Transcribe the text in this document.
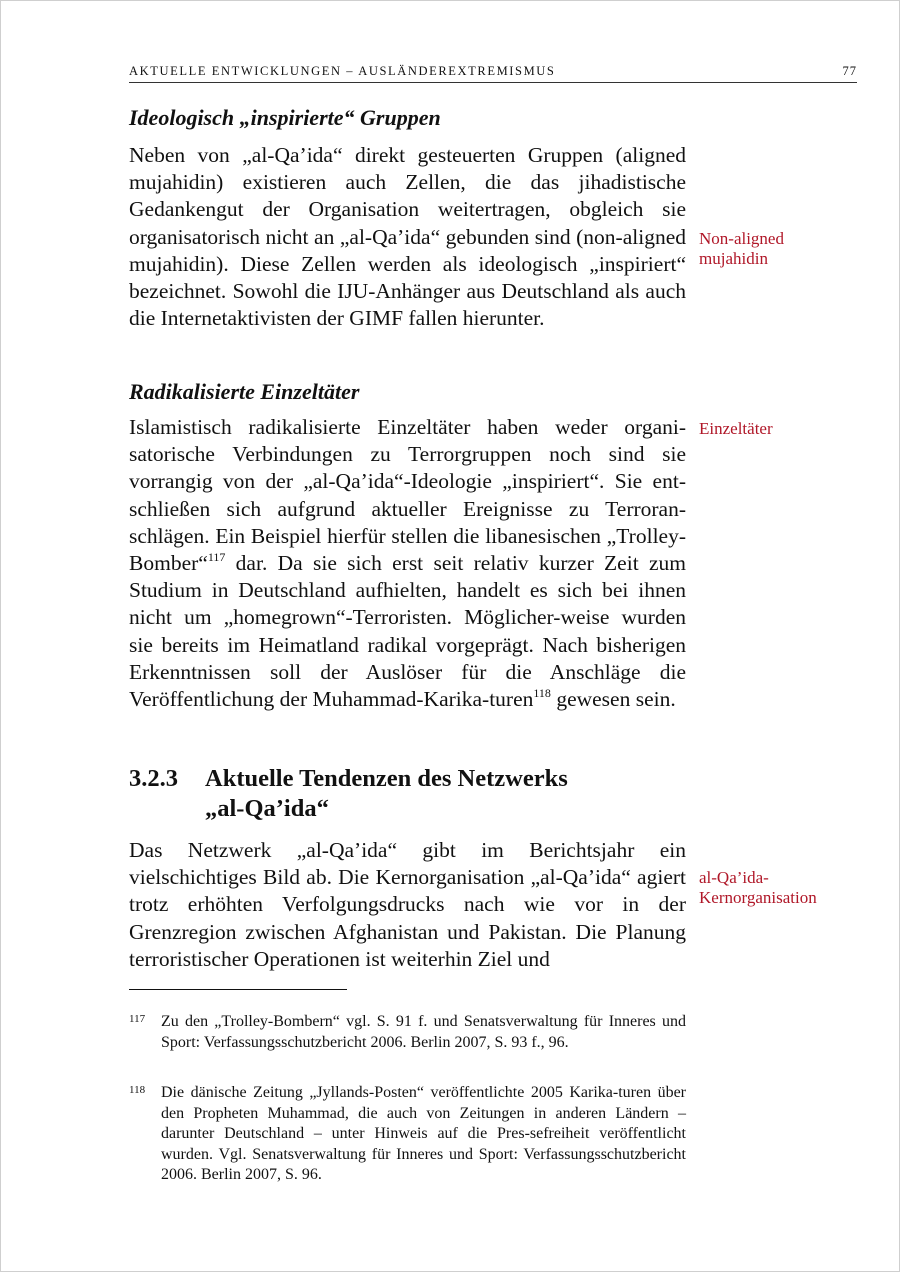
AKTUELLE ENTWICKLUNGEN – AUSLÄNDEREXTREMISMUS	77
Ideologisch „inspirierte“ Gruppen
Neben von „al-Qa’ida“ direkt gesteuerten Gruppen (aligned mujahidin) existieren auch Zellen, die das jihadistische Gedankengut der Organisation weitertragen, obgleich sie organisatorisch nicht an „al-Qa’ida“ gebunden sind (non-aligned mujahidin). Diese Zellen werden als ideologisch „inspiriert“ bezeichnet. Sowohl die IJU-Anhänger aus Deutschland als auch die Internetaktivisten der GIMF fallen hierunter.
Non-aligned mujahidin
Radikalisierte Einzeltäter
Islamistisch radikalisierte Einzeltäter haben weder organi-satorische Verbindungen zu Terrorgruppen noch sind sie vorrangig von der „al-Qa’ida“-Ideologie „inspiriert“. Sie ent-schließen sich aufgrund aktueller Ereignisse zu Terroran-schlägen. Ein Beispiel hierfür stellen die libanesischen „Trolley-Bomber“$^{117}$ dar. Da sie sich erst seit relativ kurzer Zeit zum Studium in Deutschland aufhielten, handelt es sich bei ihnen nicht um „homegrown“-Terroristen. Möglicher-weise wurden sie bereits im Heimatland radikal vorgeprägt. Nach bisherigen Erkenntnissen soll der Auslöser für die Anschläge die Veröffentlichung der Muhammad-Karika-turen$^{118}$ gewesen sein.
Einzeltäter
3.2.3 Aktuelle Tendenzen des Netzwerks
„al-Qa’ida“
Das Netzwerk „al-Qa’ida“ gibt im Berichtsjahr ein vielschichtiges Bild ab. Die Kernorganisation „al-Qa’ida“ agiert trotz erhöhten Verfolgungsdrucks nach wie vor in der Grenzregion zwischen Afghanistan und Pakistan. Die Planung terroristischer Operationen ist weiterhin Ziel und
al-Qa’ida-
Kernorganisation
117 Zu den „Trolley-Bombern“ vgl. S. 91 f. und Senatsverwaltung für Inneres und Sport: Verfassungsschutzbericht 2006. Berlin 2007, S. 93 f., 96.
118 Die dänische Zeitung „Jyllands-Posten“ veröffentlichte 2005 Karika-turen über den Propheten Muhammad, die auch von Zeitungen in anderen Ländern – darunter Deutschland – unter Hinweis auf die Pres-sefreiheit veröffentlicht wurden. Vgl. Senatsverwaltung für Inneres und Sport: Verfassungsschutzbericht 2006. Berlin 2007, S. 96.
